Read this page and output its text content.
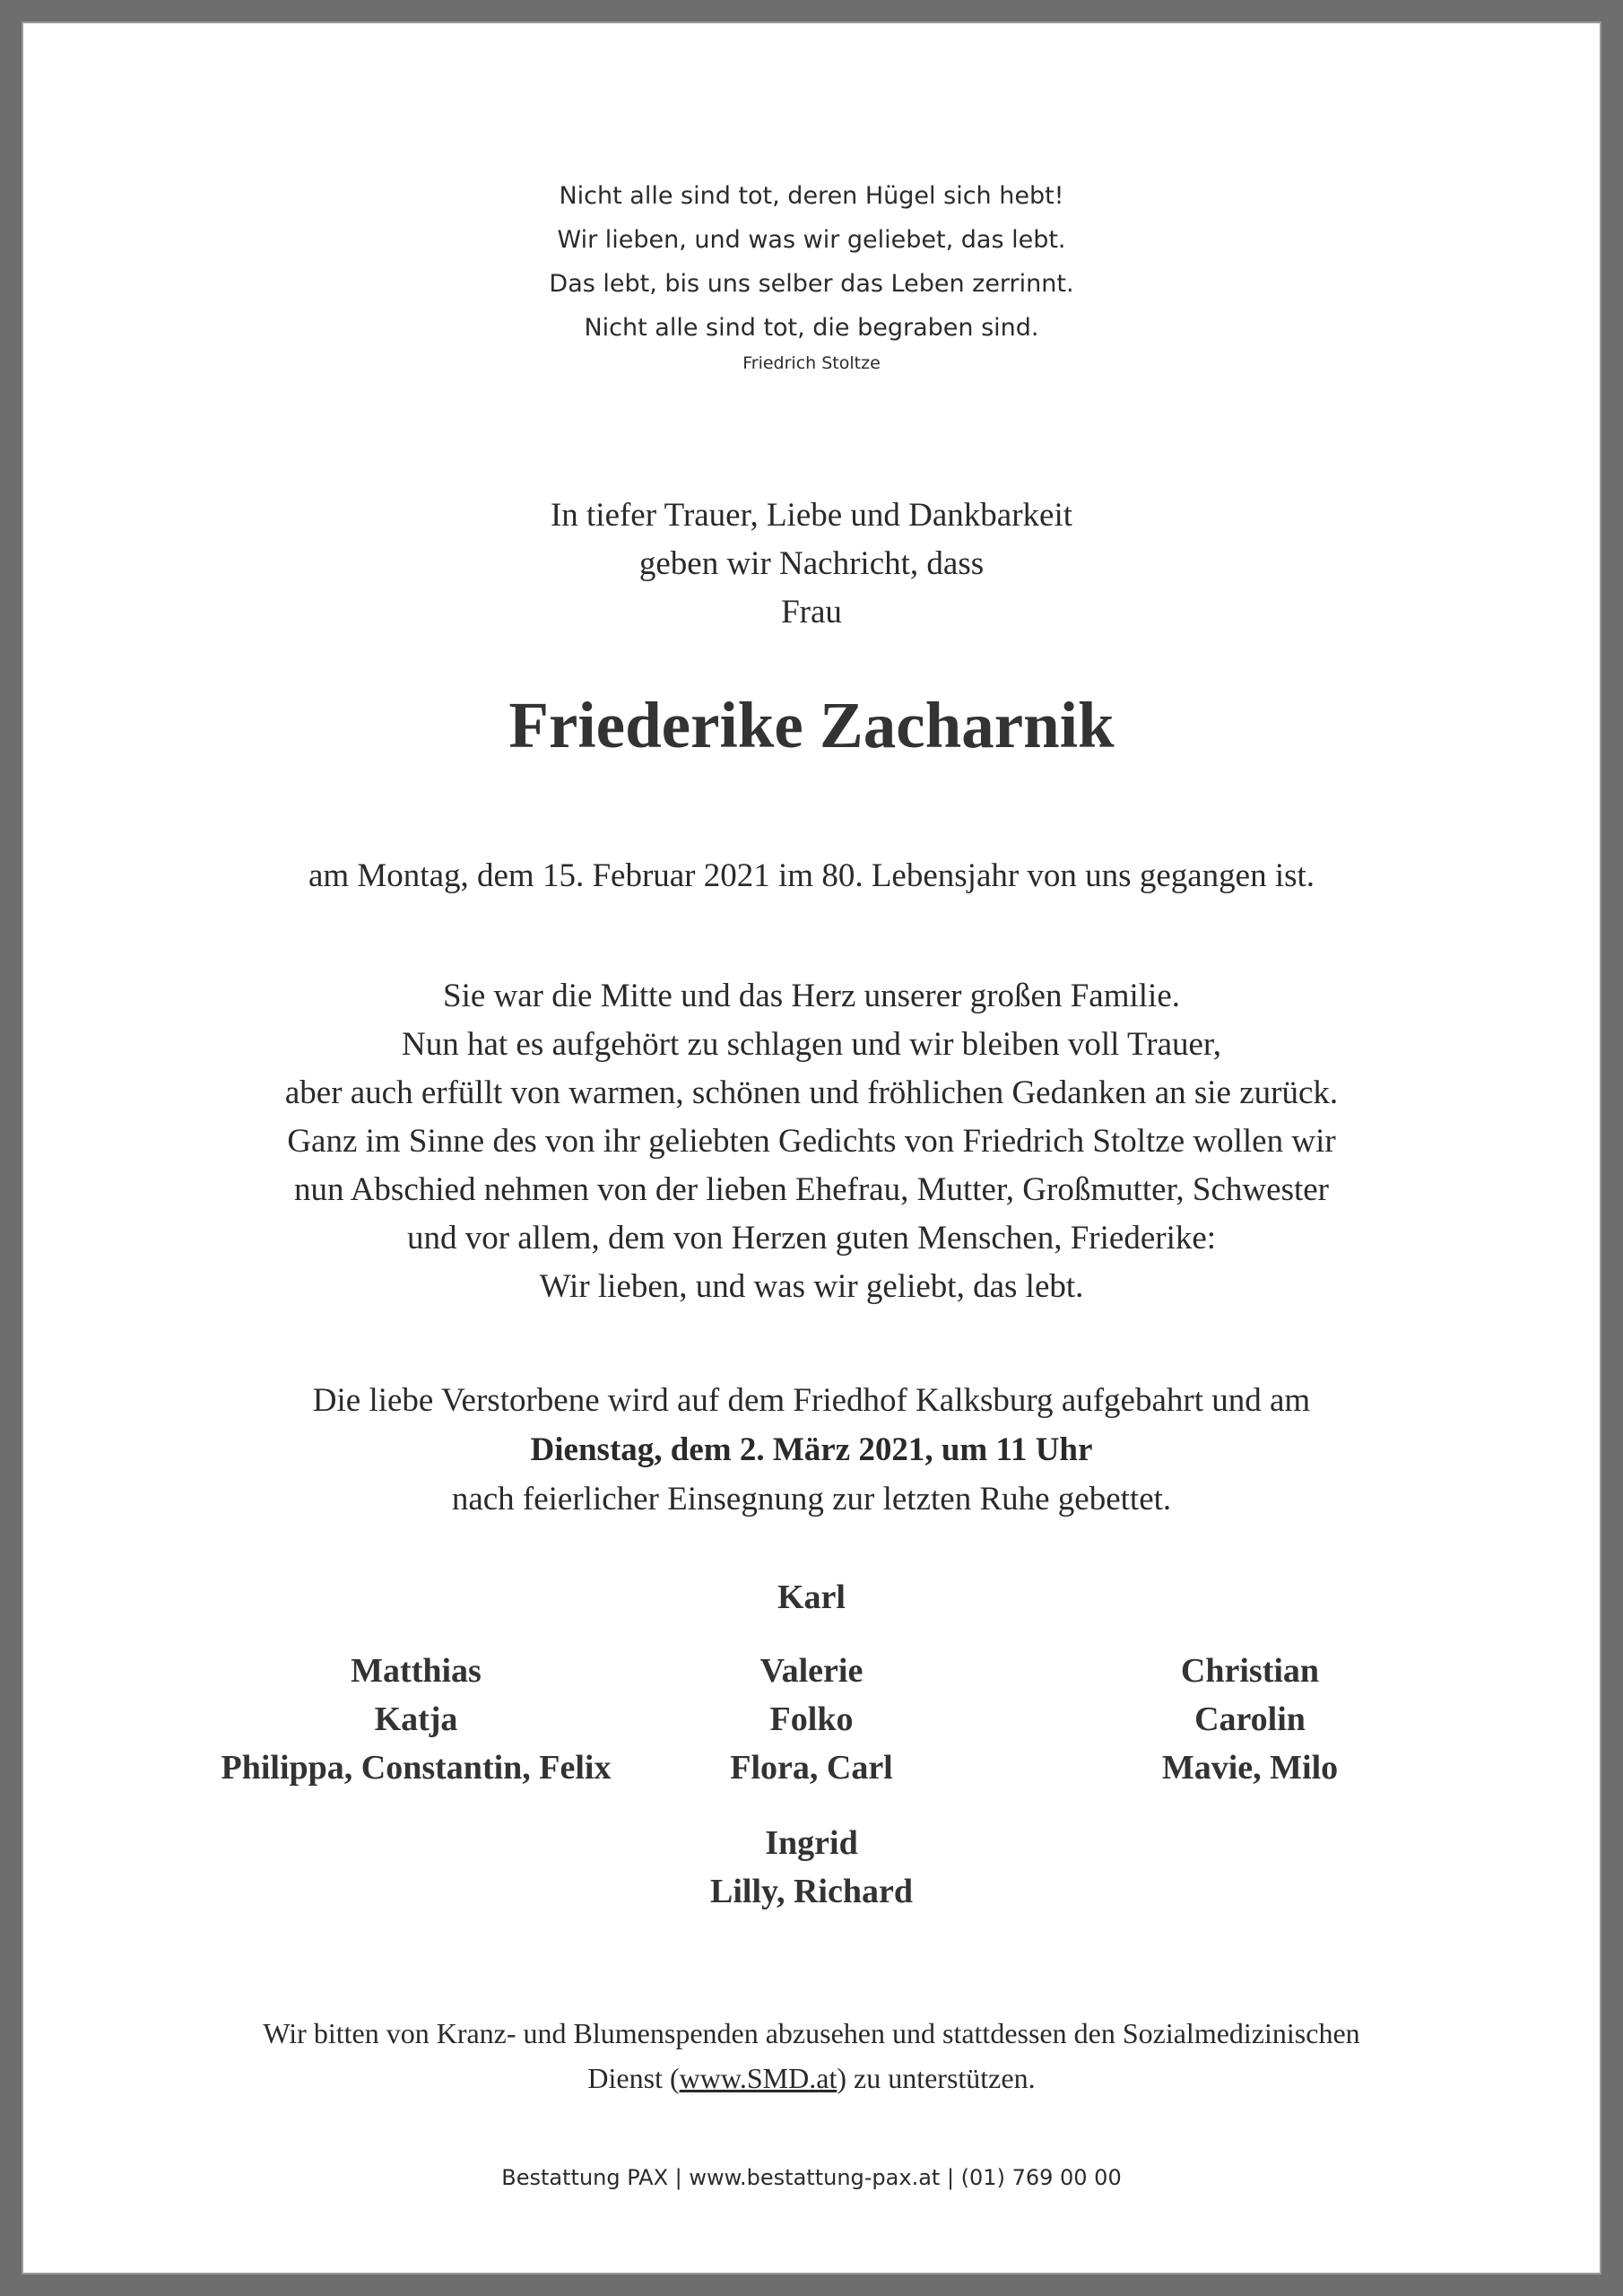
Nicht alle sind tot, deren Hügel sich hebt!
Wir lieben, und was wir geliebet, das lebt.
Das lebt, bis uns selber das Leben zerrinnt.
Nicht alle sind tot, die begraben sind.
Friedrich Stoltze
In tiefer Trauer, Liebe und Dankbarkeit
geben wir Nachricht, dass
Frau
Friederike Zacharnik
am Montag, dem 15. Februar 2021 im 80. Lebensjahr von uns gegangen ist.
Sie war die Mitte und das Herz unserer großen Familie.
Nun hat es aufgehört zu schlagen und wir bleiben voll Trauer,
aber auch erfüllt von warmen, schönen und fröhlichen Gedanken an sie zurück.
Ganz im Sinne des von ihr geliebten Gedichts von Friedrich Stoltze wollen wir
nun Abschied nehmen von der lieben Ehefrau, Mutter, Großmutter, Schwester
und vor allem, dem von Herzen guten Menschen, Friederike:
Wir lieben, und was wir geliebt, das lebt.
Die liebe Verstorbene wird auf dem Friedhof Kalksburg aufgebahrt und am
Dienstag, dem 2. März 2021, um 11 Uhr
nach feierlicher Einsegnung zur letzten Ruhe gebettet.
Karl
Matthias
Katja
Philippa, Constantin, Felix
Valerie
Folko
Flora, Carl
Christian
Carolin
Mavie, Milo
Ingrid
Lilly, Richard
Wir bitten von Kranz- und Blumenspenden abzusehen und stattdessen den Sozialmedizinischen
Dienst (www.SMD.at) zu unterstützen.
Bestattung PAX | www.bestattung-pax.at | (01) 769 00 00
